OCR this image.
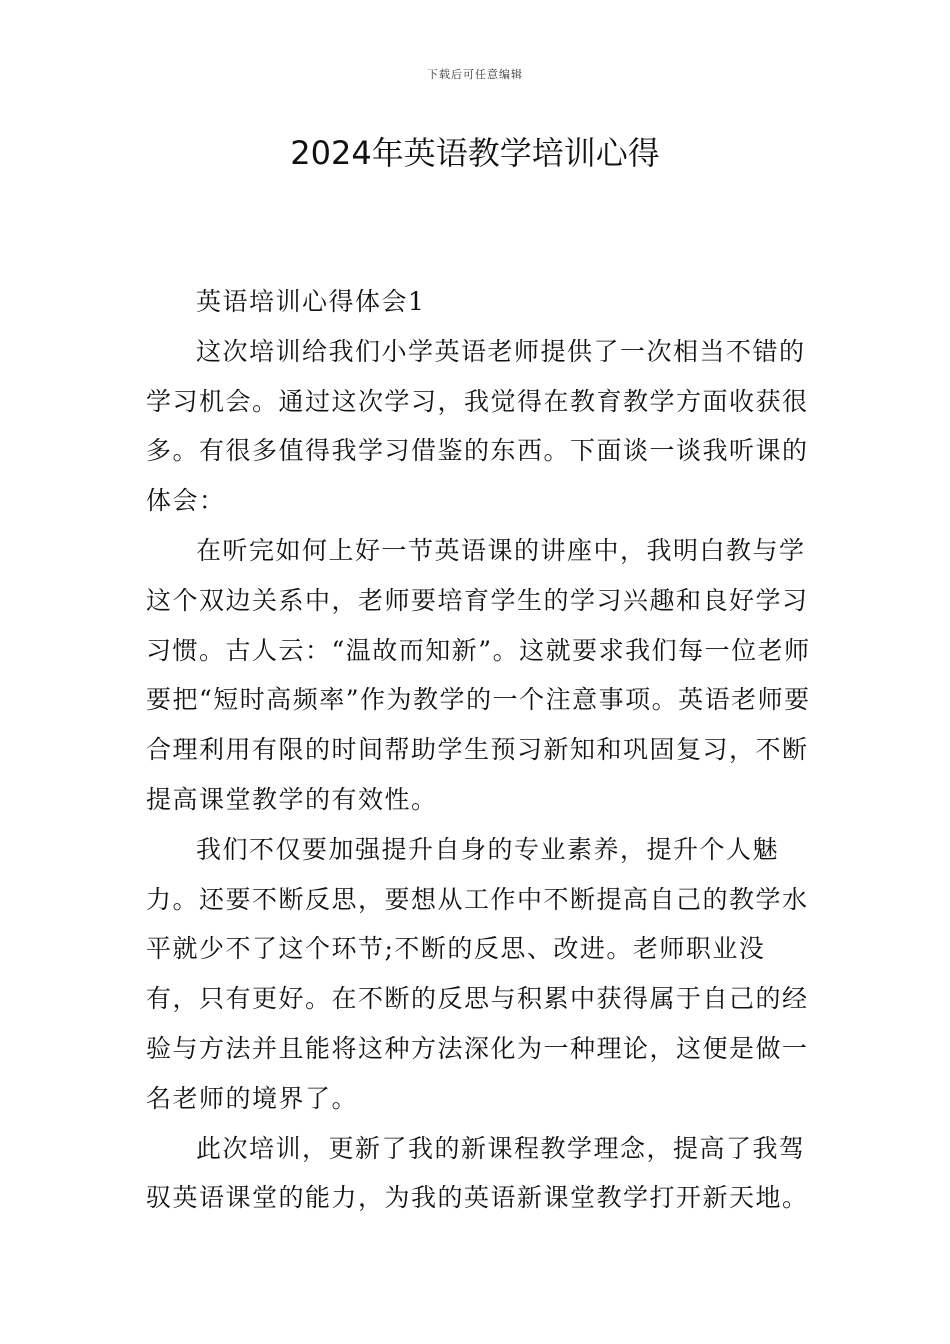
下载后可任意编辑
2024年英语教学培训心得

英语培训心得体会1

这次培训给我们小学英语老师提供了一次相当不错的学习机会。通过这次学习，我觉得在教育教学方面收获很多。有很多值得我学习借鉴的东西。下面谈一谈我听课的体会：

在听完如何上好一节英语课的讲座中，我明白教与学这个双边关系中，老师要培育学生的学习兴趣和良好学习习惯。古人云：“温故而知新”。这就要求我们每一位老师要把“短时高频率”作为教学的一个注意事项。英语老师要合理利用有限的时间帮助学生预习新知和巩固复习，不断提高课堂教学的有效性。

我们不仅要加强提升自身的专业素养，提升个人魅力。还要不断反思，要想从工作中不断提高自己的教学水平就少不了这个环节;不断的反思、改进。老师职业没有，只有更好。在不断的反思与积累中获得属于自己的经验与方法并且能将这种方法深化为一种理论，这便是做一名老师的境界了。

此次培训，更新了我的新课程教学理念，提高了我驾驭英语课堂的能力，为我的英语新课堂教学打开新天地。
